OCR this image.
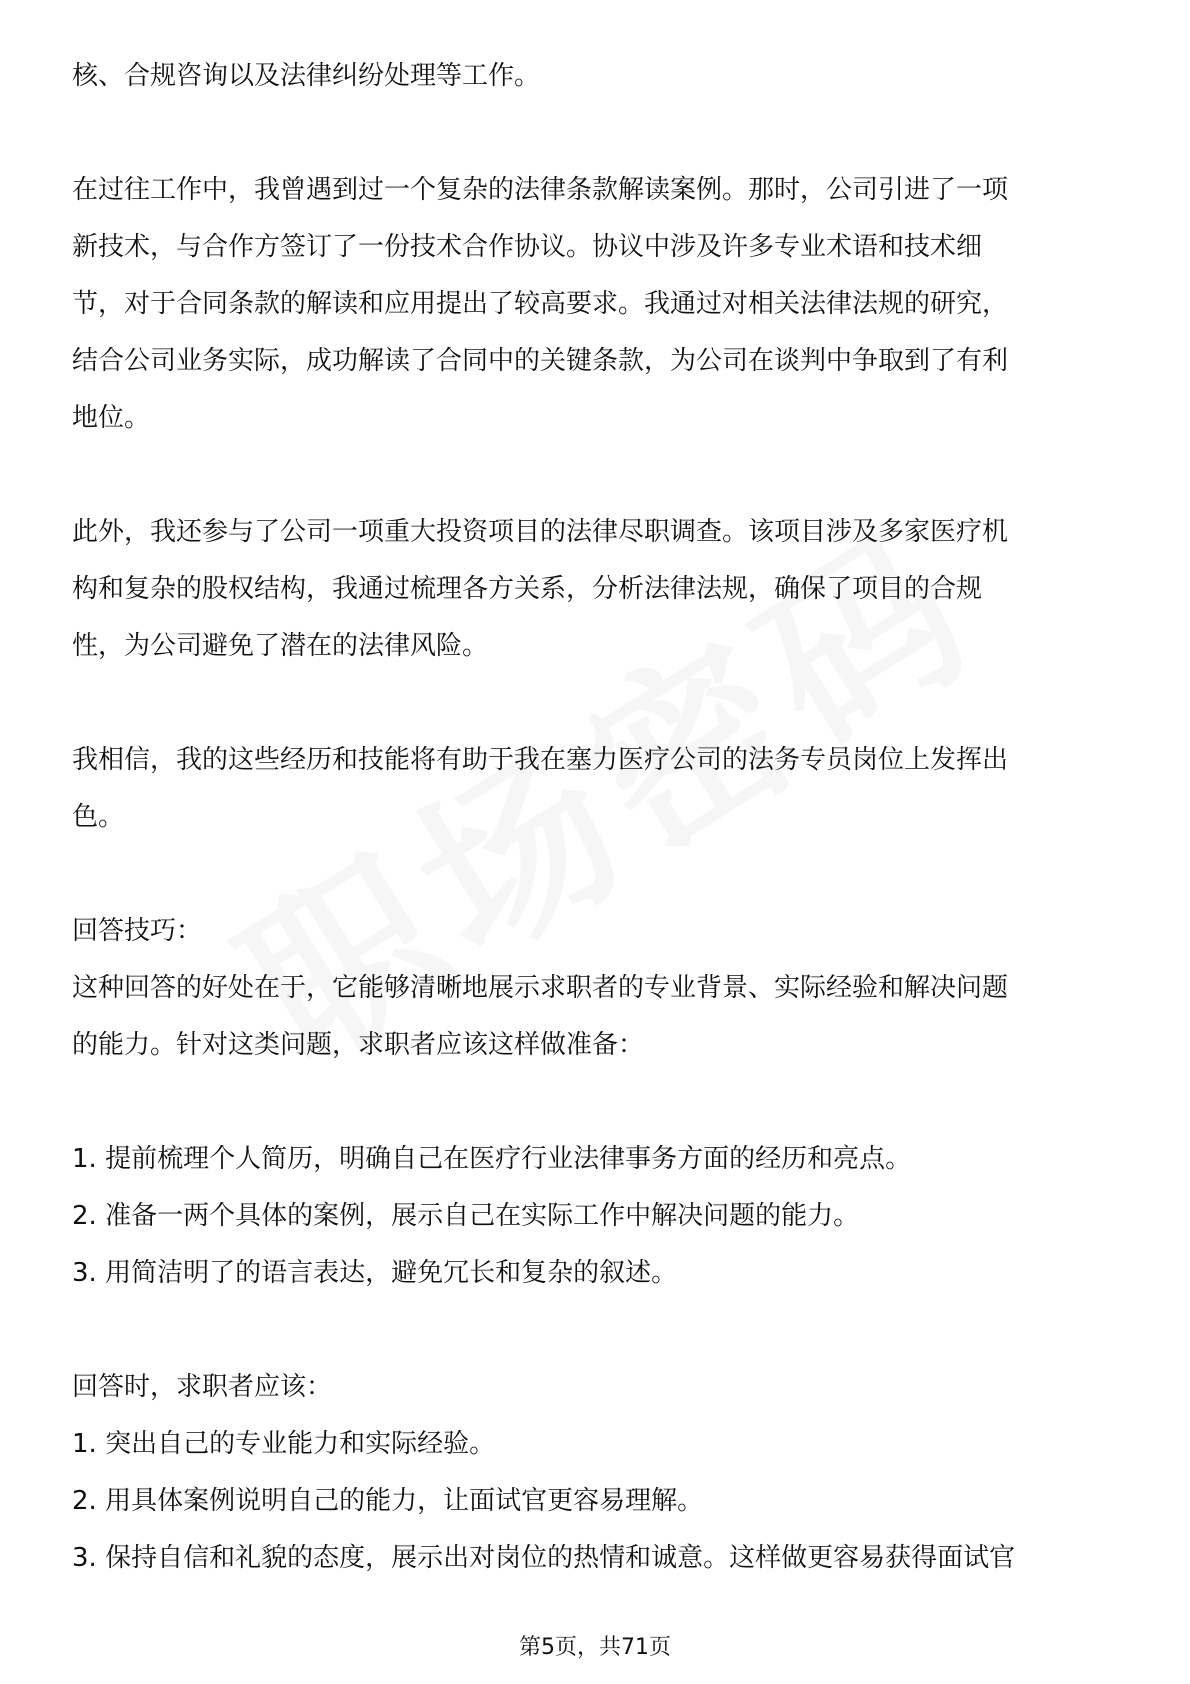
核、合规咨询以及法律纠纷处理等工作。
在过往工作中，我曾遇到过一个复杂的法律条款解读案例。那时，公司引进了一项
新技术，与合作方签订了一份技术合作协议。协议中涉及许多专业术语和技术细
节，对于合同条款的解读和应用提出了较高要求。我通过对相关法律法规的研究，
结合公司业务实际，成功解读了合同中的关键条款，为公司在谈判中争取到了有利
地位。
此外，我还参与了公司一项重大投资项目的法律尽职调查。该项目涉及多家医疗机
构和复杂的股权结构，我通过梳理各方关系，分析法律法规，确保了项目的合规
性，为公司避免了潜在的法律风险。
我相信，我的这些经历和技能将有助于我在塞力医疗公司的法务专员岗位上发挥出
色。
回答技巧：
这种回答的好处在于，它能够清晰地展示求职者的专业背景、实际经验和解决问题
的能力。针对这类问题，求职者应该这样做准备：
1. 提前梳理个人简历，明确自己在医疗行业法律事务方面的经历和亮点。
2. 准备一两个具体的案例，展示自己在实际工作中解决问题的能力。
3. 用简洁明了的语言表达，避免冗长和复杂的叙述。
回答时，求职者应该：
1. 突出自己的专业能力和实际经验。
2. 用具体案例说明自己的能力，让面试官更容易理解。
3. 保持自信和礼貌的态度，展示出对岗位的热情和诚意。这样做更容易获得面试官
第5页，共71页
